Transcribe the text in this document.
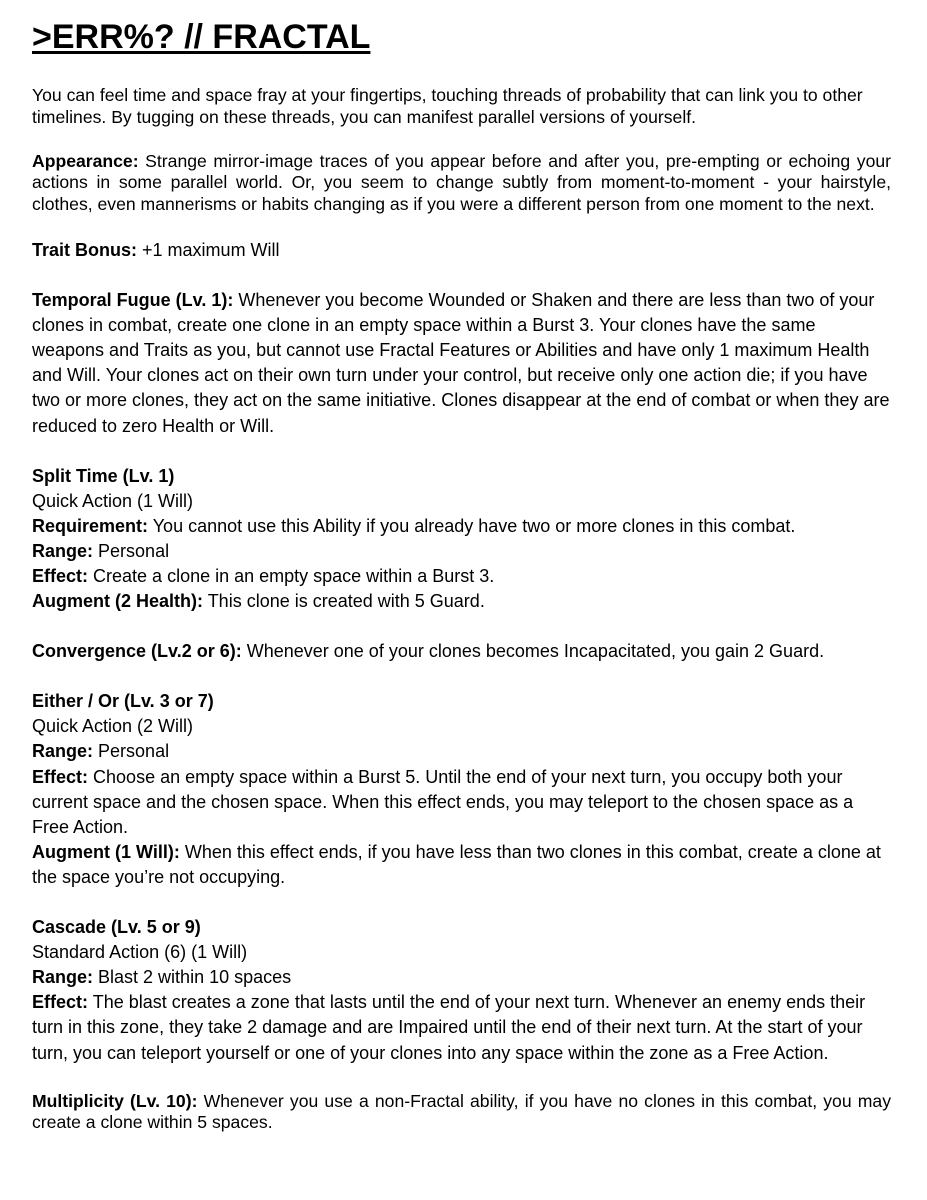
>ERR%? // FRACTAL

You can feel time and space fray at your fingertips, touching threads of probability that can link you to other timelines. By tugging on these threads, you can manifest parallel versions of yourself.

Appearance: Strange mirror-image traces of you appear before and after you, pre-empting or echoing your actions in some parallel world. Or, you seem to change subtly from moment-to-moment - your hairstyle, clothes, even mannerisms or habits changing as if you were a different person from one moment to the next.

Trait Bonus: +1 maximum Will

Temporal Fugue (Lv. 1): Whenever you become Wounded or Shaken and there are less than two of your clones in combat, create one clone in an empty space within a Burst 3. Your clones have the same weapons and Traits as you, but cannot use Fractal Features or Abilities and have only 1 maximum Health and Will. Your clones act on their own turn under your control, but receive only one action die; if you have two or more clones, they act on the same initiative. Clones disappear at the end of combat or when they are reduced to zero Health or Will.

Split Time (Lv. 1)
Quick Action (1 Will)
Requirement: You cannot use this Ability if you already have two or more clones in this combat.
Range: Personal
Effect: Create a clone in an empty space within a Burst 3.
Augment (2 Health): This clone is created with 5 Guard.

Convergence (Lv.2 or 6): Whenever one of your clones becomes Incapacitated, you gain 2 Guard.

Either / Or (Lv. 3 or 7)
Quick Action (2 Will)
Range: Personal
Effect: Choose an empty space within a Burst 5. Until the end of your next turn, you occupy both your current space and the chosen space. When this effect ends, you may teleport to the chosen space as a Free Action.
Augment (1 Will): When this effect ends, if you have less than two clones in this combat, create a clone at the space you’re not occupying.
Cascade (Lv. 5 or 9)
Standard Action (6) (1 Will)
Range: Blast 2 within 10 spaces
Effect: The blast creates a zone that lasts until the end of your next turn. Whenever an enemy ends their turn in this zone, they take 2 damage and are Impaired until the end of their next turn. At the start of your turn, you can teleport yourself or one of your clones into any space within the zone as a Free Action.

Multiplicity (Lv. 10): Whenever you use a non-Fractal ability, if you have no clones in this combat, you may create a clone within 5 spaces.
